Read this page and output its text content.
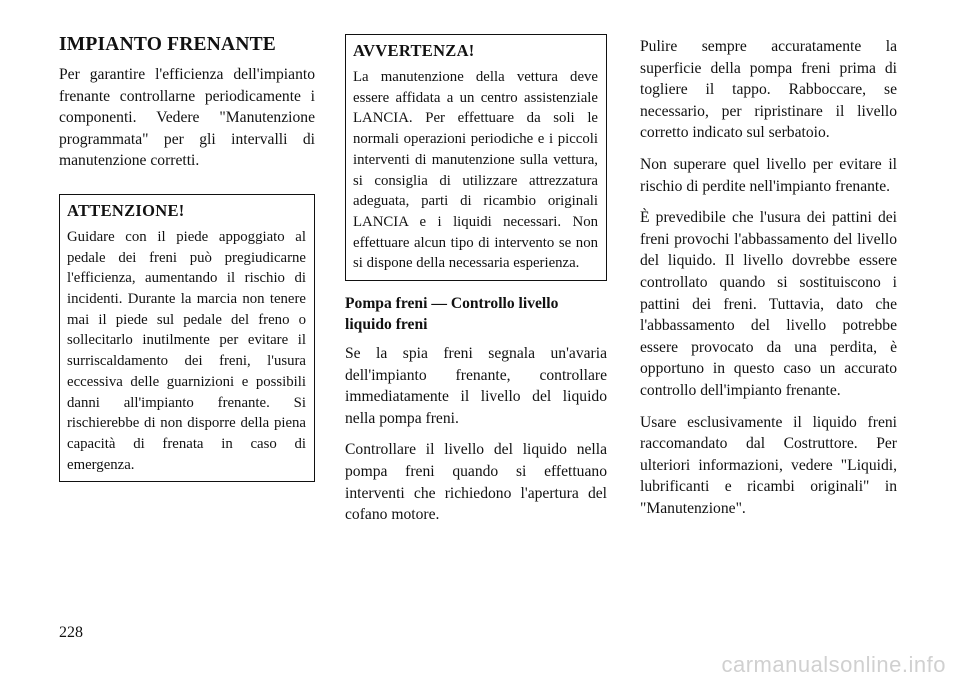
IMPIANTO FRENANTE

Per garantire l'efficienza dell'impianto frenante controllarne periodicamente i componenti. Vedere "Manutenzione programmata" per gli intervalli di manutenzione corretti.

ATTENZIONE!

Guidare con il piede appoggiato al pedale dei freni può pregiudicarne l'efficienza, aumentando il rischio di incidenti. Durante la marcia non tenere mai il piede sul pedale del freno o sollecitarlo inutilmente per evitare il surriscaldamento dei freni, l'usura eccessiva delle guarnizioni e possibili danni all'impianto frenante. Si rischierebbe di non disporre della piena capacità di frenata in caso di emergenza.

AVVERTENZA!

La manutenzione della vettura deve essere affidata a un centro assistenziale LANCIA. Per effettuare da soli le normali operazioni periodiche e i piccoli interventi di manutenzione sulla vettura, si consiglia di utilizzare attrezzatura adeguata, parti di ricambio originali LANCIA e i liquidi necessari. Non effettuare alcun tipo di intervento se non si dispone della necessaria esperienza.

Pompa freni — Controllo livello liquido freni

Se la spia freni segnala un'avaria dell'impianto frenante, controllare immediatamente il livello del liquido nella pompa freni.

Controllare il livello del liquido nella pompa freni quando si effettuano interventi che richiedono l'apertura del cofano motore.

Pulire sempre accuratamente la superficie della pompa freni prima di togliere il tappo. Rabboccare, se necessario, per ripristinare il livello corretto indicato sul serbatoio.

Non superare quel livello per evitare il rischio di perdite nell'impianto frenante.

È prevedibile che l'usura dei pattini dei freni provochi l'abbassamento del livello del liquido. Il livello dovrebbe essere controllato quando si sostituiscono i pattini dei freni. Tuttavia, dato che l'abbassamento del livello potrebbe essere provocato da una perdita, è opportuno in questo caso un accurato controllo dell'impianto frenante.

Usare esclusivamente il liquido freni raccomandato dal Costruttore. Per ulteriori informazioni, vedere "Liquidi, lubrificanti e ricambi originali" in "Manutenzione".

228
carmanualsonline.info
